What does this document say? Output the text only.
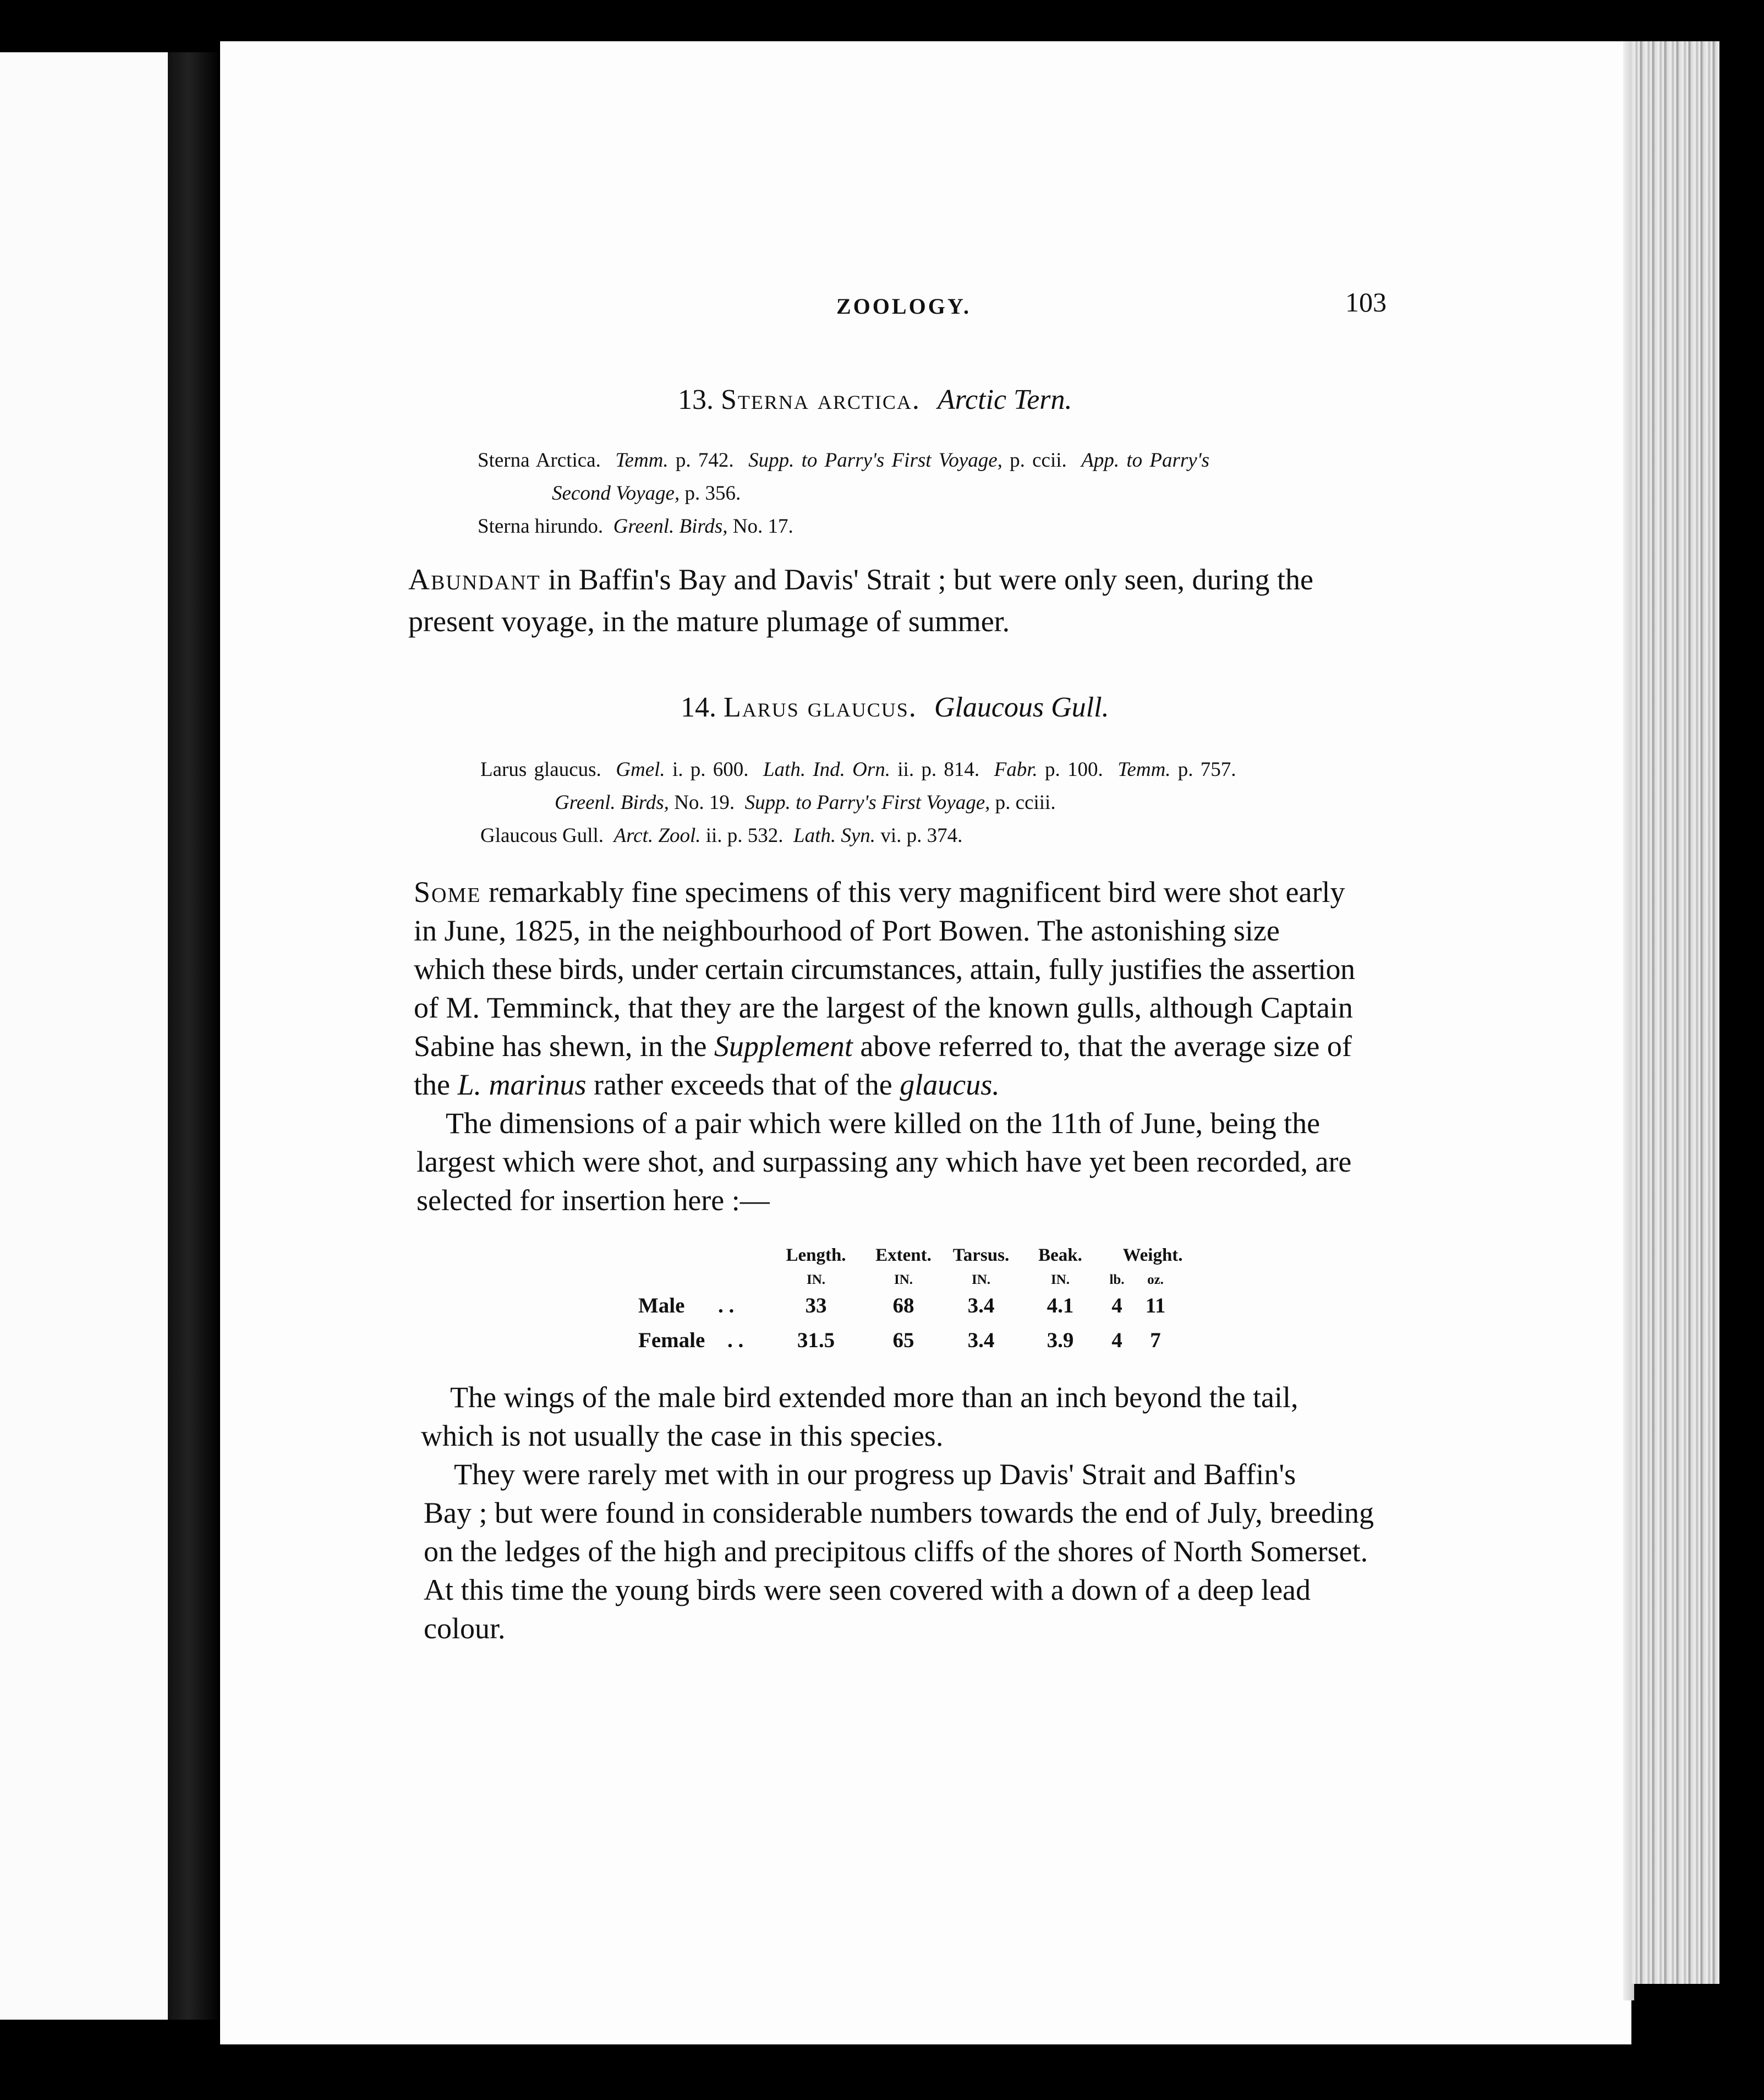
ZOOLOGY.	103
13. Sterna arctica. Arctic Tern.
Sterna Arctica. Temm. p. 742. Supp. to Parry's First Voyage, p. ccii. App. to Parry's
Second Voyage, p. 356.
Sterna hirundo. Greenl. Birds, No. 17.
Abundant in Baffin's Bay and Davis' Strait ; but were only seen, during the
present voyage, in the mature plumage of summer.
14. Larus glaucus. Glaucous Gull.
Larus glaucus. Gmel. i. p. 600. Lath. Ind. Orn. ii. p. 814. Fabr. p. 100. Temm. p. 757.
Greenl. Birds, No. 19. Supp. to Parry's First Voyage, p. cciii.
Glaucous Gull. Arct. Zool. ii. p. 532. Lath. Syn. vi. p. 374.
Some remarkably fine specimens of this very magnificent bird were shot early
in June, 1825, in the neighbourhood of Port Bowen. The astonishing size
which these birds, under certain circumstances, attain, fully justifies the assertion
of M. Temminck, that they are the largest of the known gulls, although Captain
Sabine has shewn, in the Supplement above referred to, that the average size of
the L. marinus rather exceeds that of the glaucus.
The dimensions of a pair which were killed on the 11th of June, being the
largest which were shot, and surpassing any which have yet been recorded, are
selected for insertion here :—
Length.	Extent.	Tarsus.	Beak.	Weight.
IN.	IN.	IN.	IN.	lb.	oz.
Male . .	33	68	3.4	4.1	4	11
Female . .	31.5	65	3.4	3.9	4	7
The wings of the male bird extended more than an inch beyond the tail,
which is not usually the case in this species.
They were rarely met with in our progress up Davis' Strait and Baffin's
Bay ; but were found in considerable numbers towards the end of July, breeding
on the ledges of the high and precipitous cliffs of the shores of North Somerset.
At this time the young birds were seen covered with a down of a deep lead
colour.
